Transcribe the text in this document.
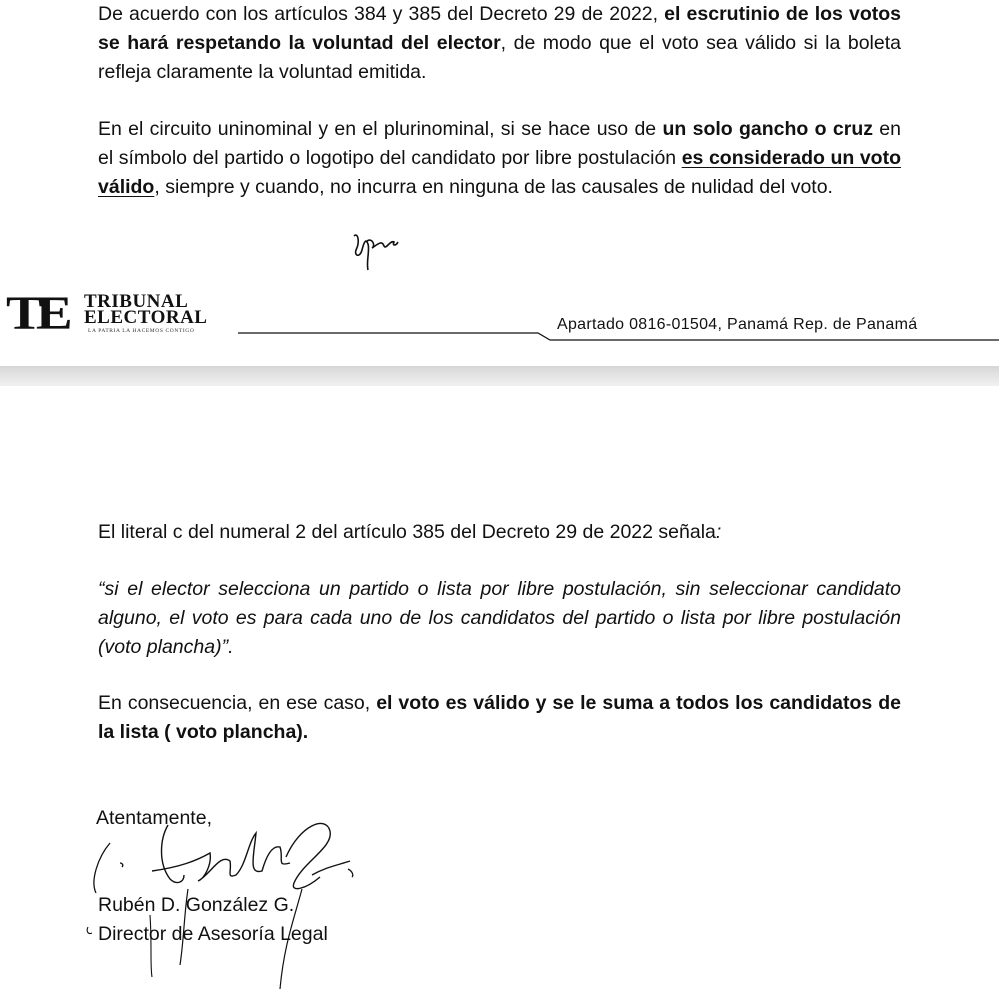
De acuerdo con los artículos 384 y 385 del Decreto 29 de 2022, el escrutinio de los votos se hará respetando la voluntad del elector, de modo que el voto sea válido si la boleta refleja claramente la voluntad emitida.

En el circuito uninominal y en el plurinominal, si se hace uso de un solo gancho o cruz en el símbolo del partido o logotipo del candidato por libre postulación es considerado un voto válido, siempre y cuando, no incurra en ninguna de las causales de nulidad del voto.

TE TRIBUNAL
ELECTORAL
LA PATRIA LA HACEMOS CONTIGO	Apartado 0816-01504, Panamá Rep. de Panamá

El literal c del numeral 2 del artículo 385 del Decreto 29 de 2022 señala:

“si el elector selecciona un partido o lista por libre postulación, sin seleccionar candidato alguno, el voto es para cada uno de los candidatos del partido o lista por libre postulación (voto plancha)”.

En consecuencia, en ese caso, el voto es válido y se le suma a todos los candidatos de la lista ( voto plancha).

Atentamente,
Rubén D. González G.
Director de Asesoría Legal
